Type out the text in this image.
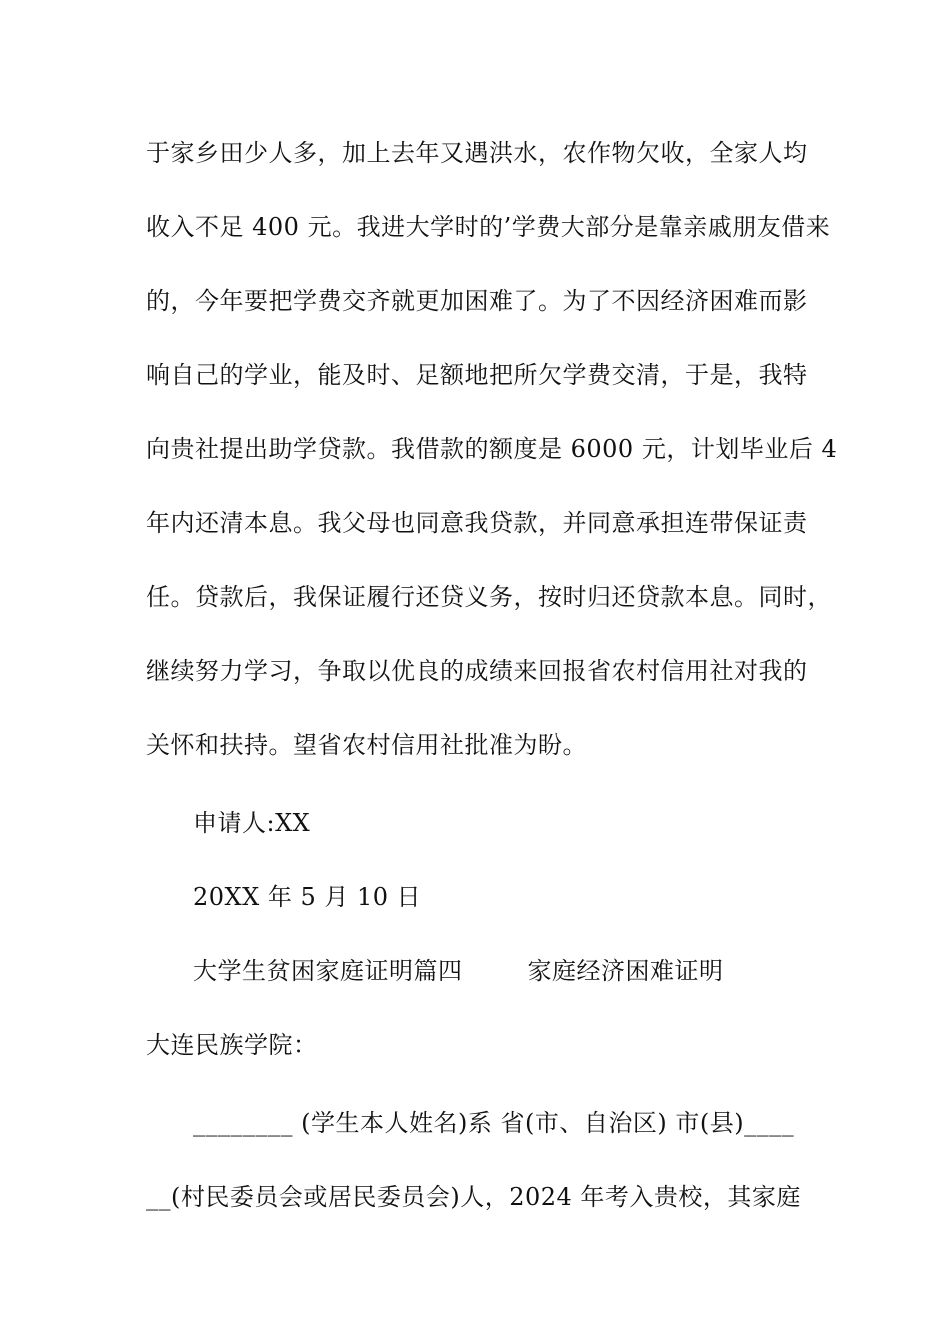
于家乡田少人多，加上去年又遇洪水，农作物欠收，全家人均
收入不足 400 元。我进大学时的’学费大部分是靠亲戚朋友借来
的，今年要把学费交齐就更加困难了。为了不因经济困难而影
响自己的学业，能及时、足额地把所欠学费交清，于是，我特
向贵社提出助学贷款。我借款的额度是 6000 元，计划毕业后 4
年内还清本息。我父母也同意我贷款，并同意承担连带保证责
任。贷款后，我保证履行还贷义务，按时归还贷款本息。同时，
继续努力学习，争取以优良的成绩来回报省农村信用社对我的
关怀和扶持。望省农村信用社批准为盼。
申请人:XX
20XX 年 5 月 10 日
大学生贫困家庭证明篇四        家庭经济困难证明
大连民族学院：
________ (学生本人姓名)系 省(市、自治区) 市(县)____
__(村民委员会或居民委员会)人，2024 年考入贵校，其家庭
